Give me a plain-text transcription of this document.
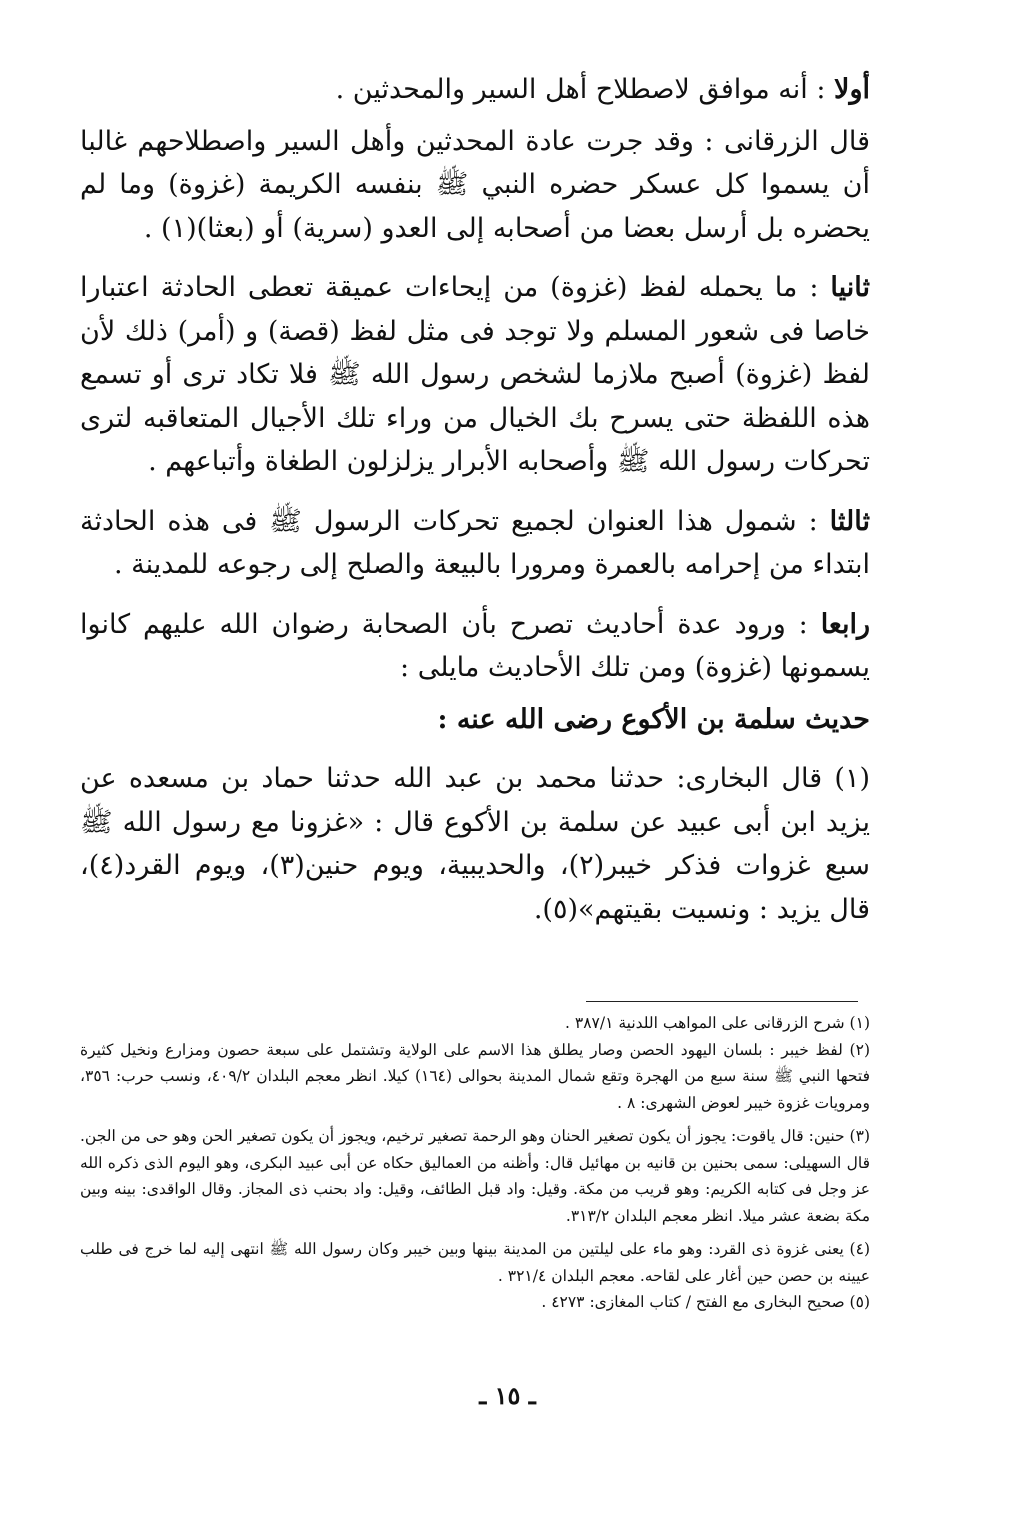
أولا : أنه موافق لاصطلاح أهل السير والمحدثين .

قال الزرقانى : وقد جرت عادة المحدثين وأهل السير واصطلاحهم غالبا أن يسموا كل عسكر حضره النبي ﷺ بنفسه الكريمة (غزوة) وما لم يحضره بل أرسل بعضا من أصحابه إلى العدو (سرية) أو (بعثا)(١) .

ثانيا : ما يحمله لفظ (غزوة) من إيحاءات عميقة تعطى الحادثة اعتبارا خاصا فى شعور المسلم ولا توجد فى مثل لفظ (قصة) و (أمر) ذلك لأن لفظ (غزوة) أصبح ملازما لشخص رسول الله ﷺ فلا تكاد ترى أو تسمع هذه اللفظة حتى يسرح بك الخيال من وراء تلك الأجيال المتعاقبه لترى تحركات رسول الله ﷺ وأصحابه الأبرار يزلزلون الطغاة وأتباعهم .

ثالثا : شمول هذا العنوان لجميع تحركات الرسول ﷺ فى هذه الحادثة ابتداء من إحرامه بالعمرة ومرورا بالبيعة والصلح إلى رجوعه للمدينة .

رابعا : ورود عدة أحاديث تصرح بأن الصحابة رضوان الله عليهم كانوا يسمونها (غزوة) ومن تلك الأحاديث مايلى :

حديث سلمة بن الأكوع رضى الله عنه :

(١) قال البخارى: حدثنا محمد بن عبد الله حدثنا حماد بن مسعده عن يزيد ابن أبى عبيد عن سلمة بن الأكوع قال : «غزونا مع رسول الله ﷺ سبع غزوات فذكر خيبر(٢)، والحديبية، ويوم حنين(٣)، ويوم القرد(٤)، قال يزيد : ونسيت بقيتهم»(٥).

(١) شرح الزرقانى على المواهب اللدنية ٣٨٧/١ .

(٢) لفظ خيبر : بلسان اليهود الحصن وصار يطلق هذا الاسم على الولاية وتشتمل على سبعة حصون ومزارع ونخيل كثيرة فتحها النبي ﷺ سنة سبع من الهجرة وتقع شمال المدينة بحوالى (١٦٤) كيلا. انظر معجم البلدان ٤٠٩/٢، ونسب حرب: ٣٥٦، ومرويات غزوة خيبر لعوض الشهرى: ٨ .

(٣) حنين: قال ياقوت: يجوز أن يكون تصغير الحنان وهو الرحمة تصغير ترخيم، ويجوز أن يكون تصغير الحن وهو حى من الجن. قال السهيلى: سمى بحنين بن قانيه بن مهائيل قال: وأظنه من العماليق حكاه عن أبى عبيد البكرى، وهو اليوم الذى ذكره الله عز وجل فى كتابه الكريم: وهو قريب من مكة. وقيل: واد قبل الطائف، وقيل: واد بحنب ذى المجاز. وقال الواقدى: بينه وبين مكة بضعة عشر ميلا. انظر معجم البلدان ٣١٣/٢.

(٤) يعنى غزوة ذى القرد: وهو ماء على ليلتين من المدينة بينها وبين خيبر وكان رسول الله ﷺ انتهى إليه لما خرج فى طلب عيينه بن حصن حين أغار على لقاحه. معجم البلدان ٣٢١/٤ .

(٥) صحيح البخارى مع الفتح / كتاب المغازى: ٤٢٧٣ .

ـ ١٥ ـ
